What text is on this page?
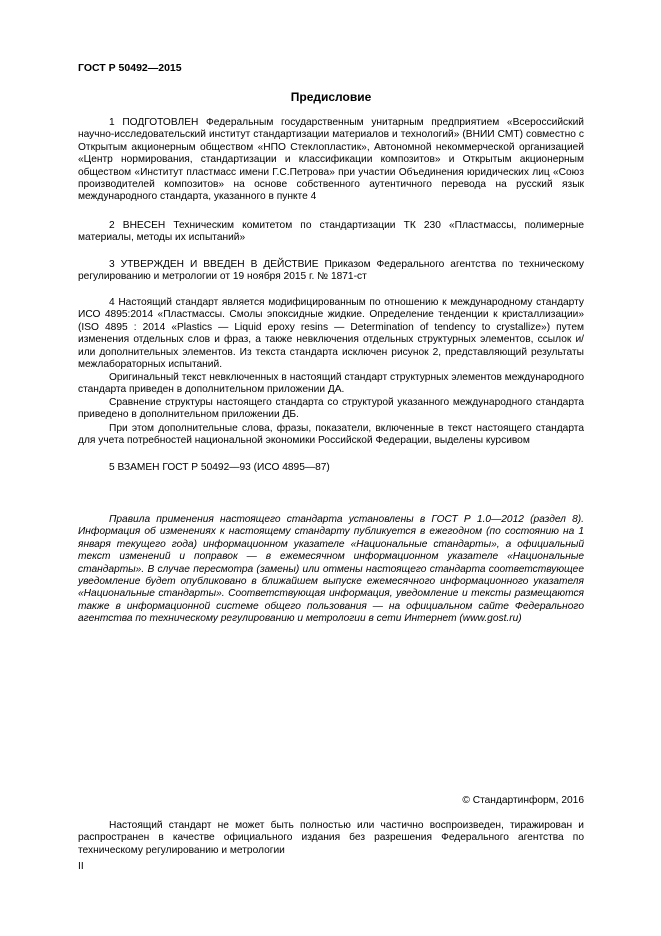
ГОСТ Р 50492—2015
Предисловие

1 ПОДГОТОВЛЕН Федеральным государственным унитарным предприятием «Всероссийский научно-исследовательский институт стандартизации материалов и технологий» (ВНИИ СМТ) совместно с Открытым акционерным обществом «НПО Стеклопластик», Автономной некоммерческой организацией «Центр нормирования, стандартизации и классификации композитов» и Открытым акционерным обществом «Институт пластмасс имени Г.С.Петрова» при участии Объединения юридических лиц «Союз производителей композитов» на основе собственного аутентичного перевода на русский язык международного стандарта, указанного в пункте 4

2 ВНЕСЕН Техническим комитетом по стандартизации ТК 230 «Пластмассы, полимерные материалы, методы их испытаний»

3 УТВЕРЖДЕН И ВВЕДЕН В ДЕЙСТВИЕ Приказом Федерального агентства по техническому регулированию и метрологии от 19 ноября 2015 г. № 1871-ст

4 Настоящий стандарт является модифицированным по отношению к международному стандарту ИСО 4895:2014 «Пластмассы. Смолы эпоксидные жидкие. Определение тенденции к кристаллизации» (ISO 4895 : 2014 «Plastics — Liquid epoxy resins — Determination of tendency to crystallize») путем изменения отдельных слов и фраз, а также невключения отдельных структурных элементов, ссылок и/или дополнительных элементов. Из текста стандарта исключен рисунок 2, представляющий результаты межлабораторных испытаний.

Оригинальный текст невключенных в настоящий стандарт структурных элементов международного стандарта приведен в дополнительном приложении ДА.

Сравнение структуры настоящего стандарта со структурой указанного международного стандарта приведено в дополнительном приложении ДБ.

При этом дополнительные слова, фразы, показатели, включенные в текст настоящего стандарта для учета потребностей национальной экономики Российской Федерации, выделены курсивом

5 ВЗАМЕН ГОСТ Р 50492—93 (ИСО 4895—87)

Правила применения настоящего стандарта установлены в ГОСТ Р 1.0—2012 (раздел 8). Информация об изменениях к настоящему стандарту публикуется в ежегодном (по состоянию на 1 января текущего года) информационном указателе «Национальные стандарты», а официальный текст изменений и поправок — в ежемесячном информационном указателе «Национальные стандарты». В случае пересмотра (замены) или отмены настоящего стандарта соответствующее уведомление будет опубликовано в ближайшем выпуске ежемесячного информационного указателя «Национальные стандарты». Соответствующая информация, уведомление и тексты размещаются также в информационной системе общего пользования — на официальном сайте Федерального агентства по техническому регулированию и метрологии в сети Интернет (www.gost.ru)

© Стандартинформ, 2016

Настоящий стандарт не может быть полностью или частично воспроизведен, тиражирован и распространен в качестве официального издания без разрешения Федерального агентства по техническому регулированию и метрологии

II
